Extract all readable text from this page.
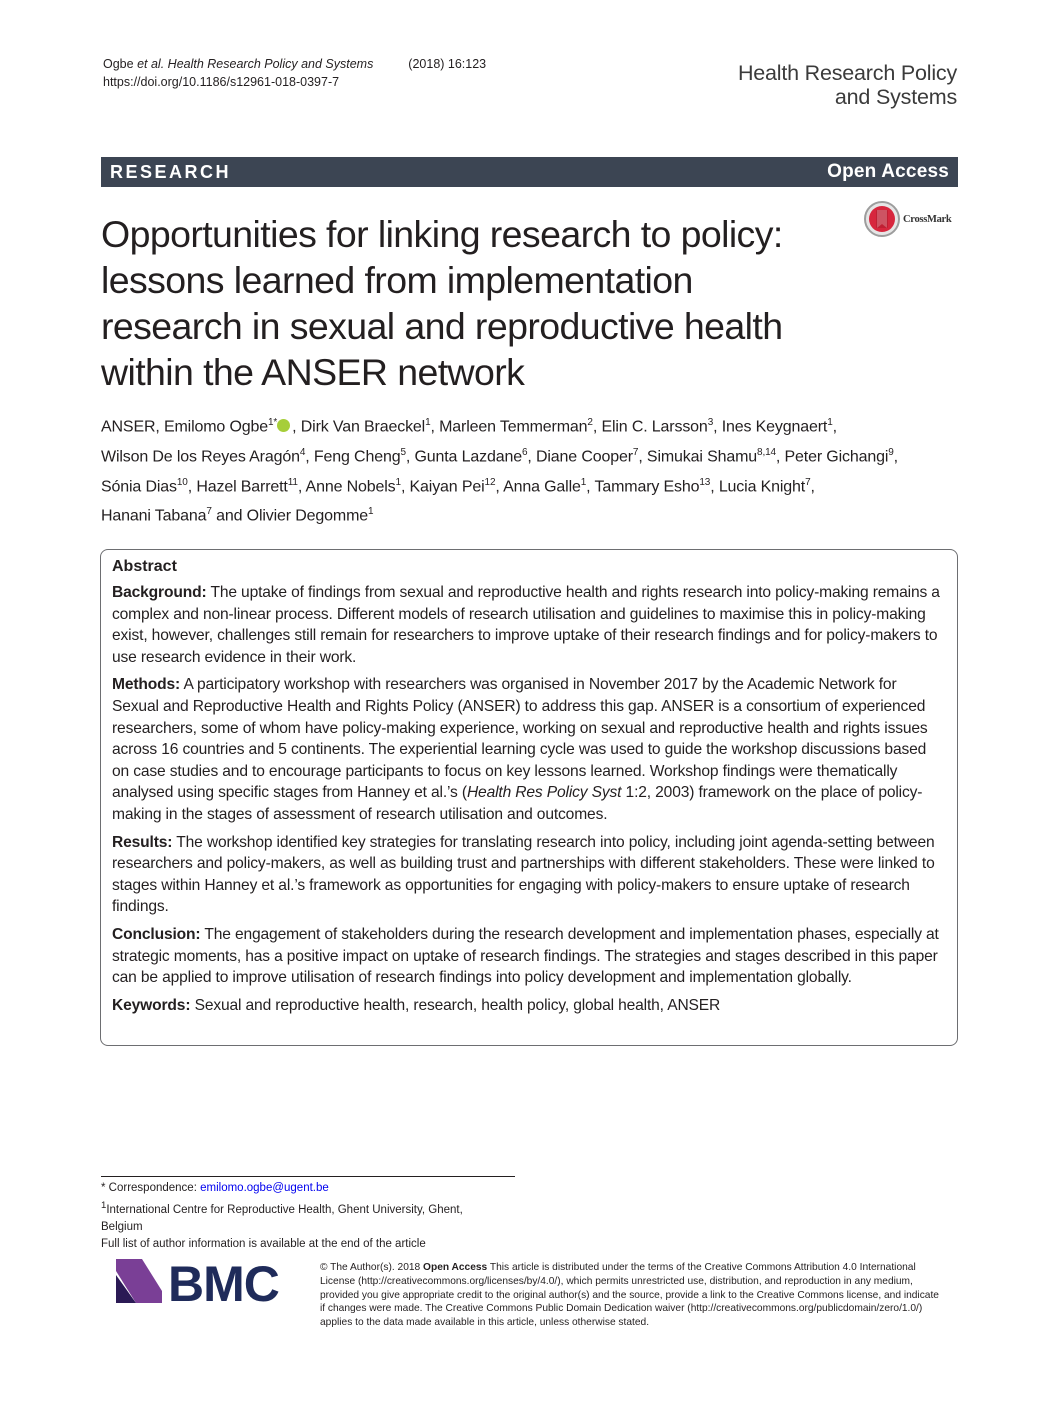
Ogbe et al. Health Research Policy and Systems	(2018) 16:123
https://doi.org/10.1186/s12961-018-0397-7	Health Research Policy
and Systems
RESEARCH	Open Access
Opportunities for linking research to policy:
lessons learned from implementation
research in sexual and reproductive health
within the ANSER network
CrossMark
ANSER, Emilomo Ogbe$^{1*}$ , Dirk Van Braeckel$^1$, Marleen Temmerman$^2$, Elin C. Larsson$^3$, Ines Keygnaert$^1$,
Wilson De los Reyes Aragón$^4$, Feng Cheng$^5$, Gunta Lazdane$^6$, Diane Cooper$^7$, Simukai Shamu$^{8,14}$, Peter Gichangi$^9$,
Sónia Dias$^{10}$, Hazel Barrett$^{11}$, Anne Nobels$^1$, Kaiyan Pei$^{12}$, Anna Galle$^1$, Tammary Esho$^{13}$, Lucia Knight$^7$,
Hanani Tabana$^7$ and Olivier Degomme$^1$
Abstract

Background: The uptake of findings from sexual and reproductive health and rights research into policy-making remains a complex and non-linear process. Different models of research utilisation and guidelines to maximise this in policy-making exist, however, challenges still remain for researchers to improve uptake of their research findings and for policy-makers to use research evidence in their work.

Methods: A participatory workshop with researchers was organised in November 2017 by the Academic Network for Sexual and Reproductive Health and Rights Policy (ANSER) to address this gap. ANSER is a consortium of experienced researchers, some of whom have policy-making experience, working on sexual and reproductive health and rights issues across 16 countries and 5 continents. The experiential learning cycle was used to guide the workshop discussions based on case studies and to encourage participants to focus on key lessons learned. Workshop findings were thematically analysed using specific stages from Hanney et al.’s (Health Res Policy Syst 1:2, 2003) framework on the place of policy-making in the stages of assessment of research utilisation and outcomes.

Results: The workshop identified key strategies for translating research into policy, including joint agenda-setting between researchers and policy-makers, as well as building trust and partnerships with different stakeholders. These were linked to stages within Hanney et al.’s framework as opportunities for engaging with policy-makers to ensure uptake of research findings.

Conclusion: The engagement of stakeholders during the research development and implementation phases, especially at strategic moments, has a positive impact on uptake of research findings. The strategies and stages described in this paper can be applied to improve utilisation of research findings into policy development and implementation globally.

Keywords: Sexual and reproductive health, research, health policy, global health, ANSER

* Correspondence: emilomo.ogbe@ugent.be
$^1$International Centre for Reproductive Health, Ghent University, Ghent,
Belgium
Full list of author information is available at the end of the article
BMC	© The Author(s). 2018 Open Access This article is distributed under the terms of the Creative Commons Attribution 4.0 International License (http://creativecommons.org/licenses/by/4.0/), which permits unrestricted use, distribution, and reproduction in any medium, provided you give appropriate credit to the original author(s) and the source, provide a link to the Creative Commons license, and indicate if changes were made. The Creative Commons Public Domain Dedication waiver (http://creativecommons.org/publicdomain/zero/1.0/) applies to the data made available in this article, unless otherwise stated.
